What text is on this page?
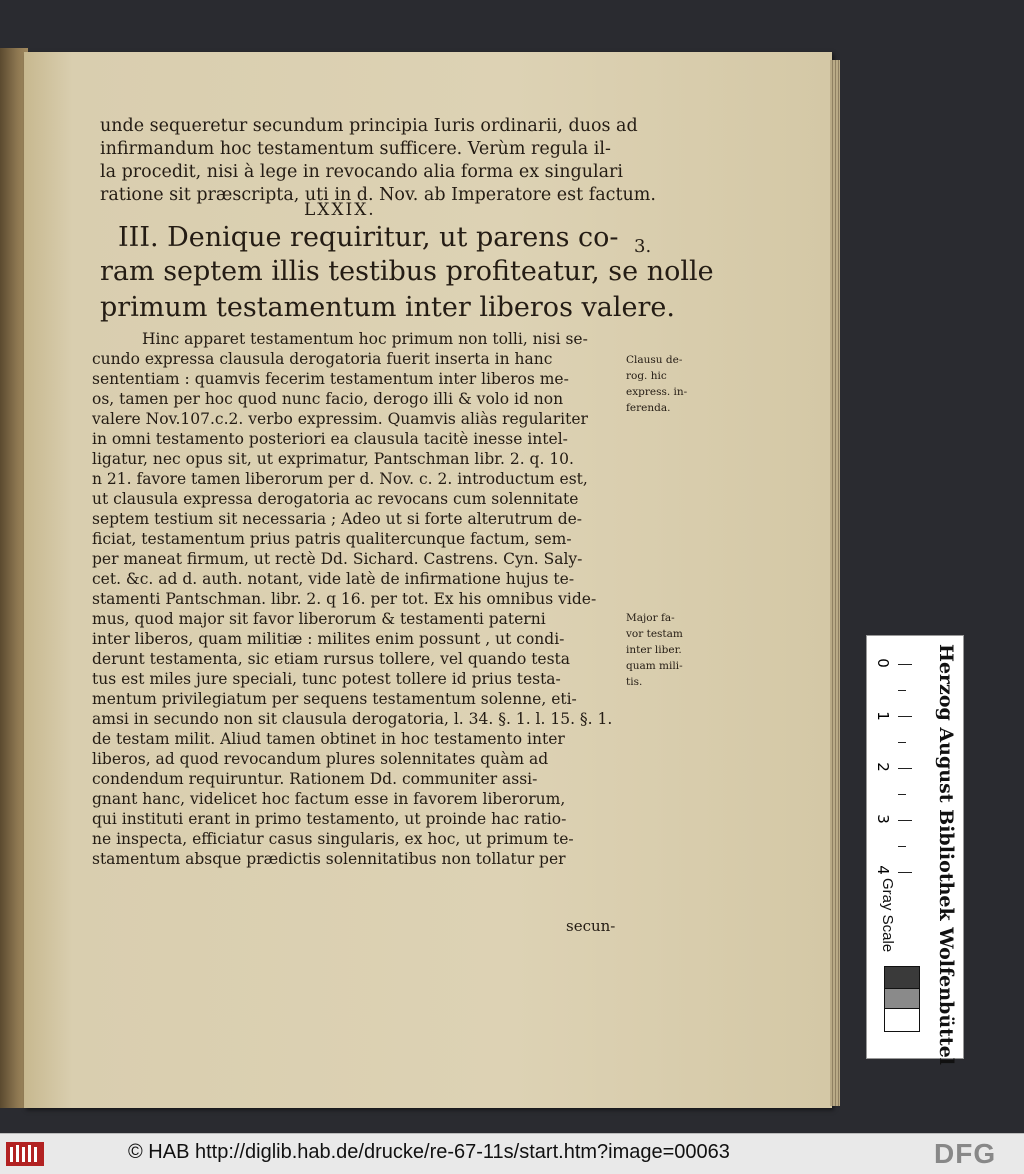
unde sequeretur secundum principia Iuris ordinarii, duos ad
infirmandum hoc testamentum sufficere. Verùm regula il-
la procedit, nisi à lege in revocando alia forma ex singulari
ratione sit præscripta, uti in d. Nov. ab Imperatore est factum.
LXXIX.
III. Denique requiritur, ut parens co-
ram septem illis testibus profiteatur, se nolle
primum testamentum inter liberos valere.
3.
Hinc apparet testamentum hoc primum non tolli, nisi se-
cundo expressa clausula derogatoria fuerit inserta in hanc
sententiam : quamvis fecerim testamentum inter liberos me-
os, tamen per hoc quod nunc facio, derogo illi & volo id non
valere Nov.107.c.2. verbo expressim. Quamvis aliàs regulariter
in omni testamento posteriori ea clausula tacitè inesse intel-
ligatur, nec opus sit, ut exprimatur, Pantschman libr. 2. q. 10.
n 21. favore tamen liberorum per d. Nov. c. 2. introductum est,
ut clausula expressa derogatoria ac revocans cum solennitate
septem testium sit necessaria ; Adeo ut si forte alterutrum de-
ficiat, testamentum prius patris qualitercunque factum, sem-
per maneat firmum, ut rectè Dd. Sichard. Castrens. Cyn. Saly-
cet. &c. ad d. auth. notant, vide latè de infirmatione hujus te-
stamenti Pantschman. libr. 2. q 16. per tot. Ex his omnibus vide-
mus, quod major sit favor liberorum & testamenti paterni
inter liberos, quam militiæ : milites enim possunt , ut condi-
derunt testamenta, sic etiam rursus tollere, vel quando testa
tus est miles jure speciali, tunc potest tollere id prius testa-
mentum privilegiatum per sequens testamentum solenne, eti-
amsi in secundo non sit clausula derogatoria, l. 34. §. 1. l. 15. §. 1.
de testam milit. Aliud tamen obtinet in hoc testamento inter
liberos, ad quod revocandum plures solennitates quàm ad
condendum requiruntur. Rationem Dd. communiter assi-
gnant hanc, videlicet hoc factum esse in favorem liberorum,
qui instituti erant in primo testamento, ut proinde hac ratio-
ne inspecta, efficiatur casus singularis, ex hoc, ut primum te-
stamentum absque prædictis solennitatibus non tollatur per
secun-
Clausu de-
rog. hic
express. in-
ferenda.
Major fa-
vor testam
inter liber.
quam mili-
tis.
0
1
2
3
4 Herzog August Bibliothek Wolfenbüttel
Gray Scale
© HAB http://diglib.hab.de/drucke/re-67-11s/start.htm?image=00063	DFG
